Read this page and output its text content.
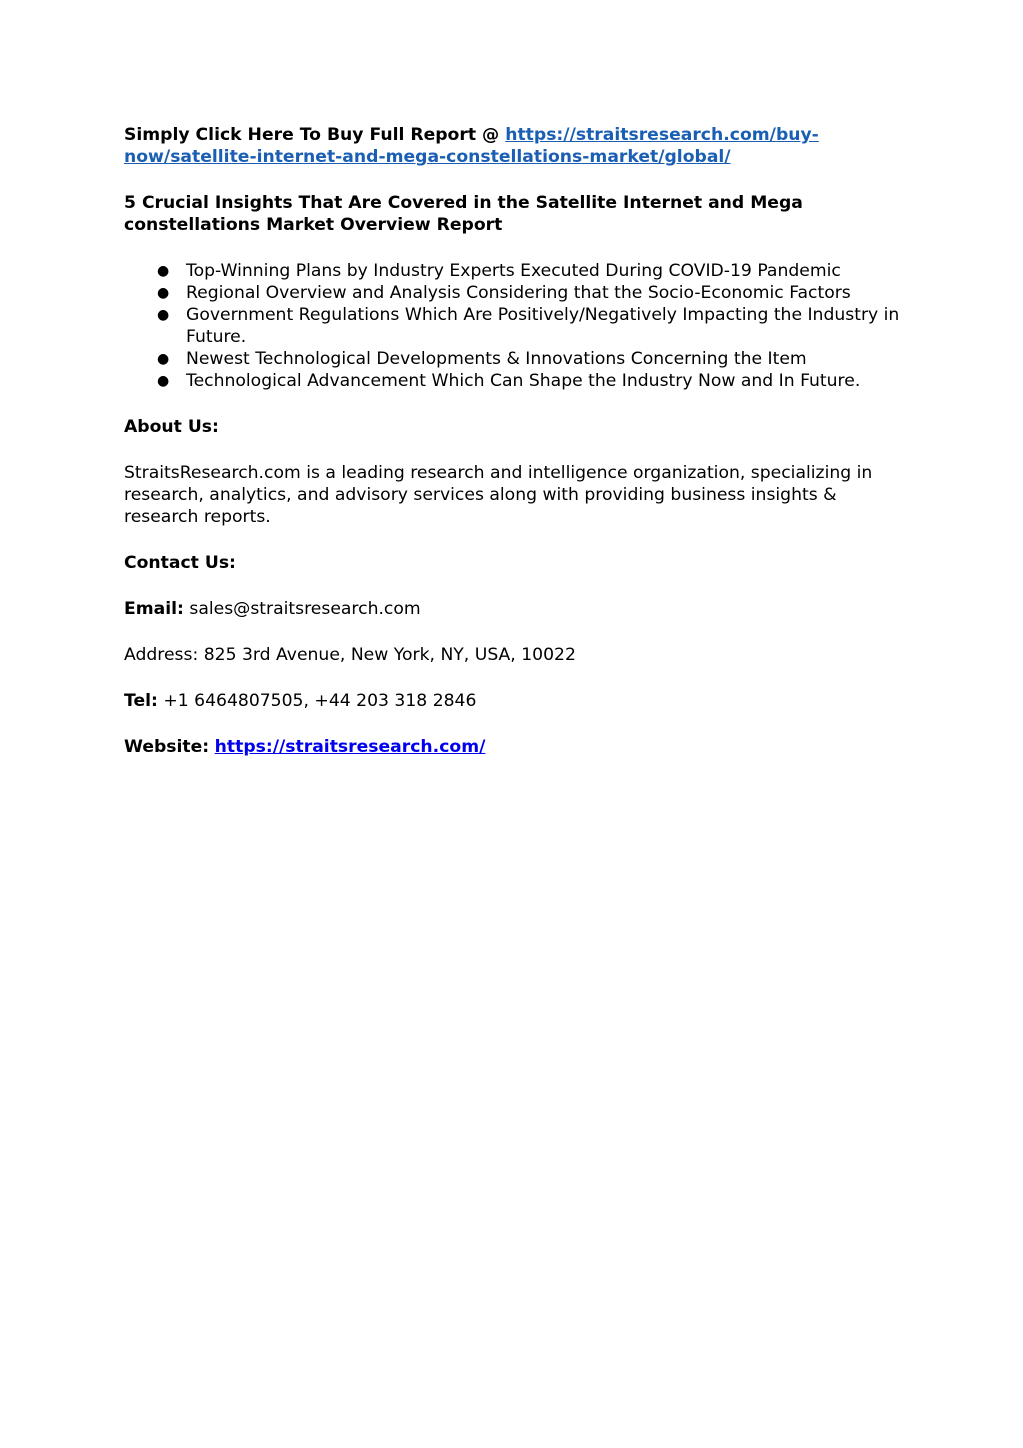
Simply Click Here To Buy Full Report @ https://straitsresearch.com/buy-now/satellite-internet-and-mega-constellations-market/global/

5 Crucial Insights That Are Covered in the Satellite Internet and Mega constellations Market Overview Report

● Top-Winning Plans by Industry Experts Executed During COVID-19 Pandemic
● Regional Overview and Analysis Considering that the Socio-Economic Factors
● Government Regulations Which Are Positively/Negatively Impacting the Industry in Future.
● Newest Technological Developments & Innovations Concerning the Item
● Technological Advancement Which Can Shape the Industry Now and In Future.

About Us:

StraitsResearch.com is a leading research and intelligence organization, specializing in research, analytics, and advisory services along with providing business insights & research reports.

Contact Us:

Email: sales@straitsresearch.com

Address: 825 3rd Avenue, New York, NY, USA, 10022

Tel: +1 6464807505, +44 203 318 2846

Website: https://straitsresearch.com/
